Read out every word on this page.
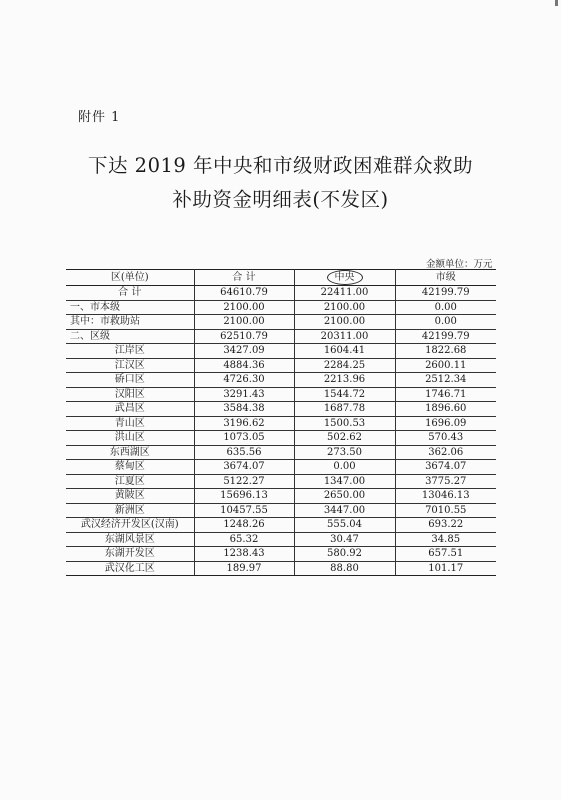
附件 1
下达 2019 年中央和市级财政困难群众救助
补助资金明细表(不发区)
金额单位：万元
区(单位)	合 计	中央	市级
合 计	64610.79	22411.00	42199.79
一、市本级	2100.00	2100.00	0.00
其中：市救助站	2100.00	2100.00	0.00
二、区级	62510.79	20311.00	42199.79
江岸区	3427.09	1604.41	1822.68
江汉区	4884.36	2284.25	2600.11
硚口区	4726.30	2213.96	2512.34
汉阳区	3291.43	1544.72	1746.71
武昌区	3584.38	1687.78	1896.60
青山区	3196.62	1500.53	1696.09
洪山区	1073.05	502.62	570.43
东西湖区	635.56	273.50	362.06
蔡甸区	3674.07	0.00	3674.07
江夏区	5122.27	1347.00	3775.27
黄陂区	15696.13	2650.00	13046.13
新洲区	10457.55	3447.00	7010.55
武汉经济开发区(汉南)	1248.26	555.04	693.22
东湖风景区	65.32	30.47	34.85
东湖开发区	1238.43	580.92	657.51
武汉化工区	189.97	88.80	101.17
